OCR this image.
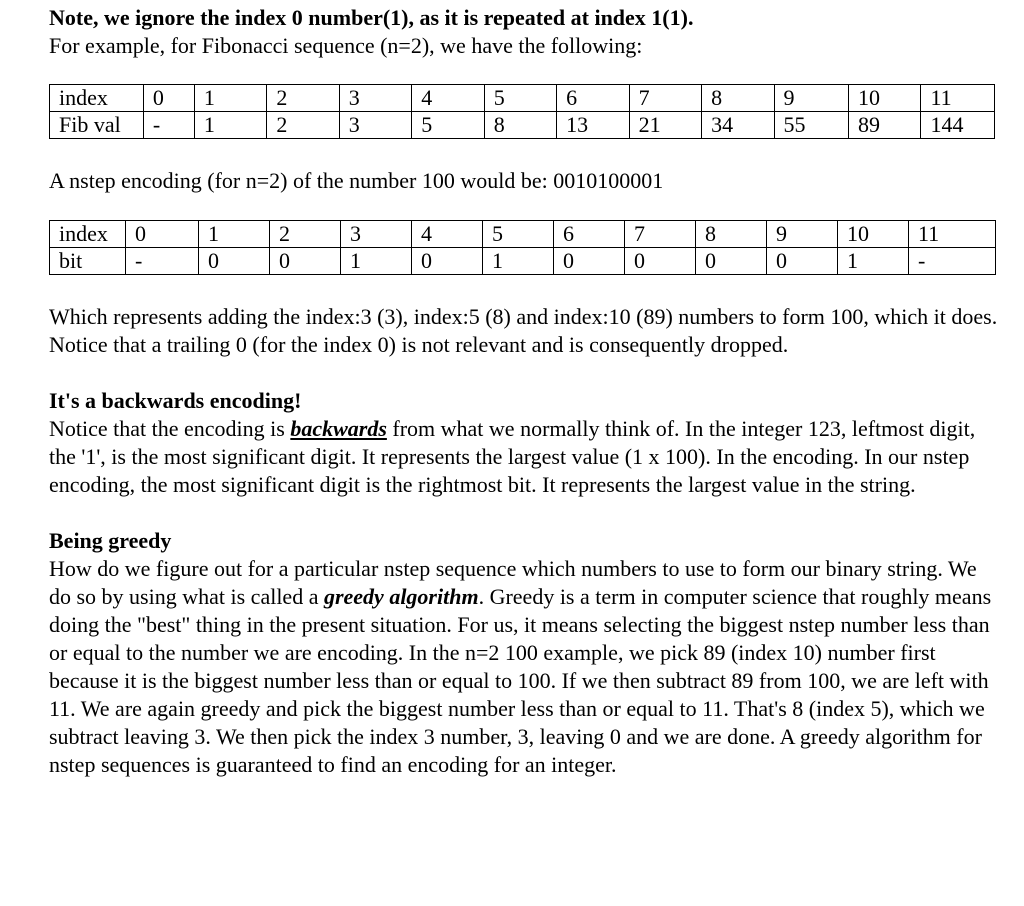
Note, we ignore the index 0 number(1), as it is repeated at index 1(1).

For example, for Fibonacci sequence (n=2), we have the following:

index	0	1	2	3	4	5	6	7	8	9	10	11
Fib val	-	1	2	3	5	8	13	21	34	55	89	144

A nstep encoding (for n=2) of the number 100 would be: 0010100001

index	0	1	2	3	4	5	6	7	8	9	10	11
bit	-	0	0	1	0	1	0	0	0	0	1	-

Which represents adding the index:3 (3), index:5 (8) and index:10 (89) numbers to form 100, which it does. Notice that a trailing 0 (for the index 0) is not relevant and is consequently dropped.

It's a backwards encoding!

Notice that the encoding is backwards from what we normally think of. In the integer 123, leftmost digit, the '1', is the most significant digit. It represents the largest value (1 x 100). In the encoding. In our nstep encoding, the most significant digit is the rightmost bit. It represents the largest value in the string.

Being greedy

How do we figure out for a particular nstep sequence which numbers to use to form our binary string. We do so by using what is called a greedy algorithm. Greedy is a term in computer science that roughly means doing the "best" thing in the present situation. For us, it means selecting the biggest nstep number less than or equal to the number we are encoding. In the n=2 100 example, we pick 89 (index 10) number first because it is the biggest number less than or equal to 100. If we then subtract 89 from 100, we are left with 11. We are again greedy and pick the biggest number less than or equal to 11. That's 8 (index 5), which we subtract leaving 3. We then pick the index 3 number, 3, leaving 0 and we are done. A greedy algorithm for nstep sequences is guaranteed to find an encoding for an integer.
